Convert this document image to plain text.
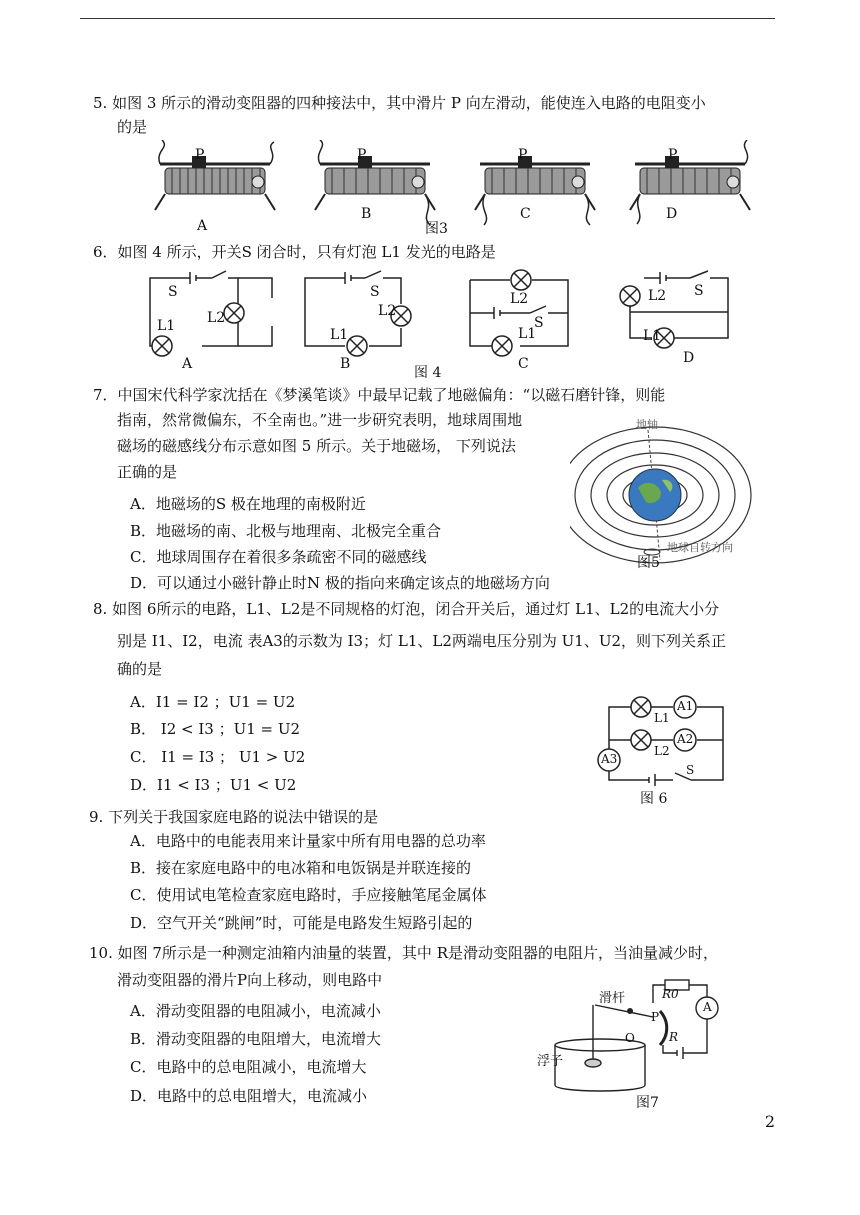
5. 如图 3 所示的滑动变阻器的四种接法中，其中滑片 P 向左滑动，能使连入电路的电阻变小
的是
P	P	P	P
A
B	C	D
图3
6．如图 4 所示，开关S 闭合时，只有灯泡 L1 发光的电路是
S
L1 L2
A
S
L1
L2
B
L2
S
L1
C
L2 S
L1
D
图 4
7．中国宋代科学家沈括在《梦溪笔谈》中最早记载了地磁偏角：“以磁石磨针锋，则能
指南，然常微偏东，不全南也。”进一步研究表明，地球周围地
磁场的磁感线分布示意如图 5 所示。关于地磁场， 下列说法
正确的是
A．地磁场的S 极在地理的南极附近
B．地磁场的南、北极与地理南、北极完全重合
C．地球周围存在着很多条疏密不同的磁感线
D．可以通过小磁针静止时N 极的指向来确定该点的地磁场方向
地轴
地球自转方向
图5
8. 如图 6所示的电路，L1、L2是不同规格的灯泡，闭合开关后，通过灯 L1、L2的电流大小分
别是 I1、I2，电流 表A3的示数为 I3；灯 L1、L2两端电压分别为 U1、U2，则下列关系正
确的是
A．I1 = I2 ；U1 = U2
B． I2 < I3 ；U1 = U2
C． I1 = I3 ； U1 > U2
D．I1 < I3 ；U1 < U2
A1
A2
A3
L1
L2
S
图 6
9. 下列关于我国家庭电路的说法中错误的是
A．电路中的电能表用来计量家中所有用电器的总功率
B．接在家庭电路中的电冰箱和电饭锅是并联连接的
C．使用试电笔检查家庭电路时，手应接触笔尾金属体
D．空气开关“跳闸”时，可能是电路发生短路引起的
10. 如图 7所示是一种测定油箱内油量的装置，其中 R是滑动变阻器的电阻片，当油量减少时，
滑动变阻器的滑片P向上移动，则电路中
A．滑动变阻器的电阻减小，电流减小
B．滑动变阻器的电阻增大，电流增大
C．电路中的总电阻减小，电流增大
D．电路中的总电阻增大，电流减小
滑杆
浮子
R0
R
P
O
A
图7
2
